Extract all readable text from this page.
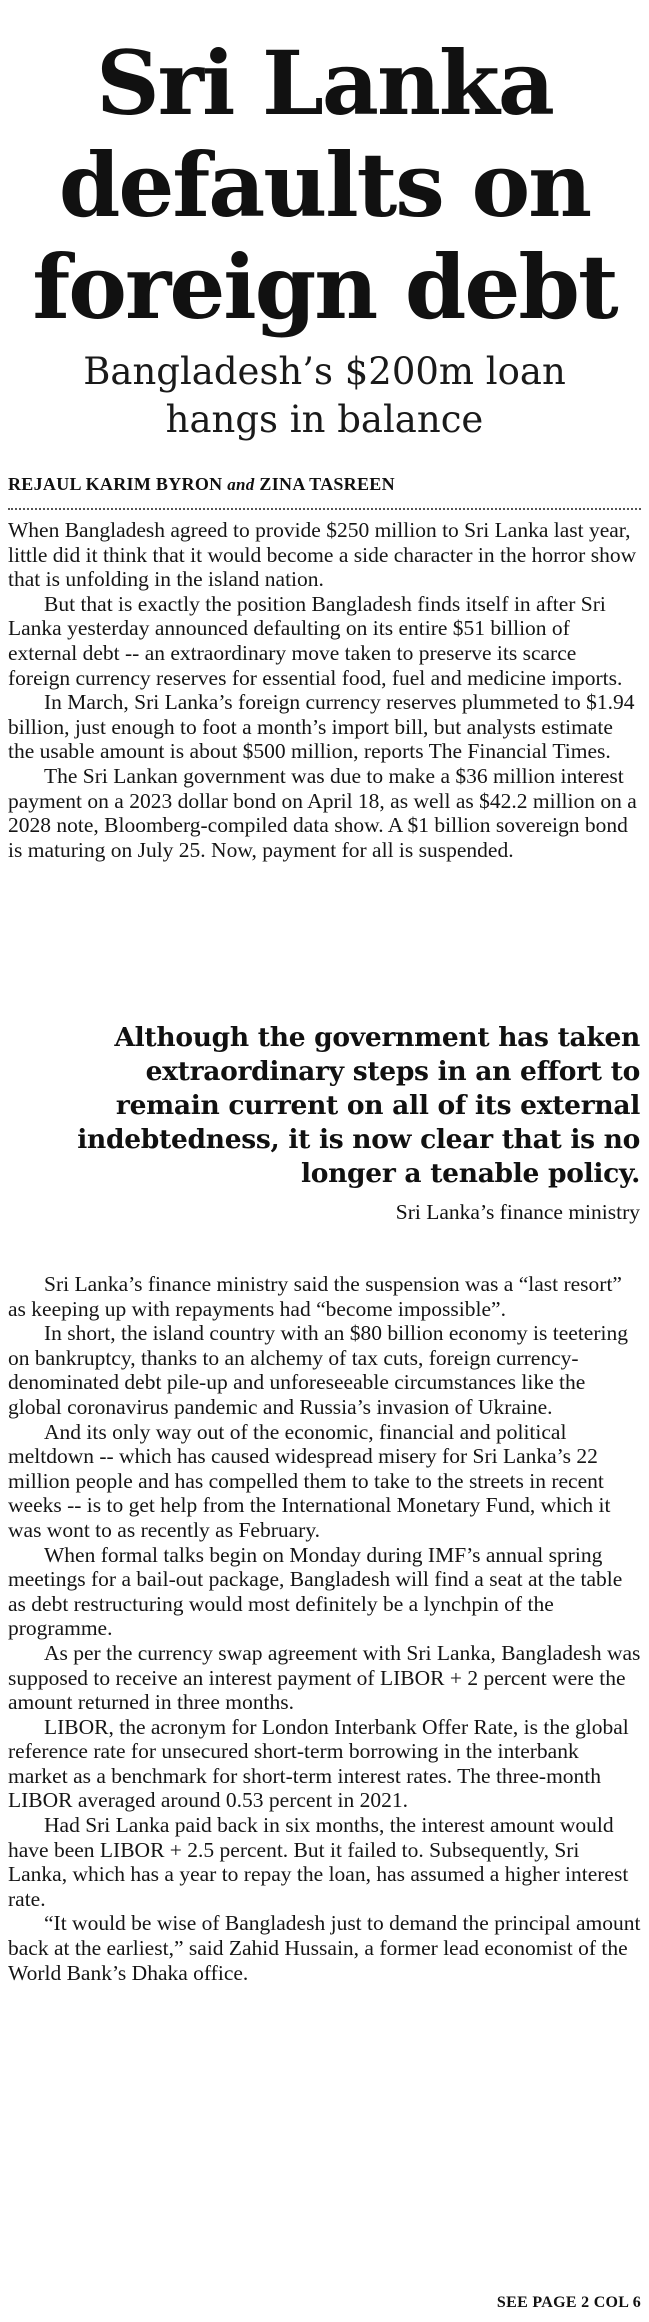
Sri Lanka
defaults on
foreign debt
Bangladesh’s $200m loan
hangs in balance
REJAUL KARIM BYRON and ZINA TASREEN

When Bangladesh agreed to provide $250 million to Sri Lanka last year, little did it think that it would become a side character in the horror show that is unfolding in the island nation.

But that is exactly the position Bangladesh finds itself in after Sri Lanka yesterday announced defaulting on its entire $51 billion of external debt -- an extraordinary move taken to preserve its scarce foreign currency reserves for essential food, fuel and medicine imports.

In March, Sri Lanka’s foreign currency reserves plummeted to $1.94 billion, just enough to foot a month’s import bill, but analysts estimate the usable amount is about $500 million, reports The Financial Times.

The Sri Lankan government was due to make a $36 million interest payment on a 2023 dollar bond on April 18, as well as $42.2 million on a 2028 note, Bloomberg-compiled data show. A $1 billion sovereign bond is maturing on July 25. Now, payment for all is suspended.

Although the government has taken
extraordinary steps in an effort to
remain current on all of its external
indebtedness, it is now clear that is no
longer a tenable policy.
Sri Lanka’s finance ministry

Sri Lanka’s finance ministry said the suspension was a “last resort” as keeping up with repayments had “become impossible”.

In short, the island country with an $80 billion economy is teetering on bankruptcy, thanks to an alchemy of tax cuts, foreign currency-denominated debt pile-up and unforeseeable circumstances like the global coronavirus pandemic and Russia’s invasion of Ukraine.

And its only way out of the economic, financial and political meltdown -- which has caused widespread misery for Sri Lanka’s 22 million people and has compelled them to take to the streets in recent weeks -- is to get help from the International Monetary Fund, which it was wont to as recently as February.

When formal talks begin on Monday during IMF’s annual spring meetings for a bail-out package, Bangladesh will find a seat at the table as debt restructuring would most definitely be a lynchpin of the programme.

As per the currency swap agreement with Sri Lanka, Bangladesh was supposed to receive an interest payment of LIBOR + 2 percent were the amount returned in three months.

LIBOR, the acronym for London Interbank Offer Rate, is the global reference rate for unsecured short-term borrowing in the interbank market as a benchmark for short-term interest rates. The three-month LIBOR averaged around 0.53 percent in 2021.

Had Sri Lanka paid back in six months, the interest amount would have been LIBOR + 2.5 percent. But it failed to. Subsequently, Sri Lanka, which has a year to repay the loan, has assumed a higher interest rate.

“It would be wise of Bangladesh just to demand the principal amount back at the earliest,” said Zahid Hussain, a former lead economist of the World Bank’s Dhaka office.

SEE PAGE 2 COL 6
